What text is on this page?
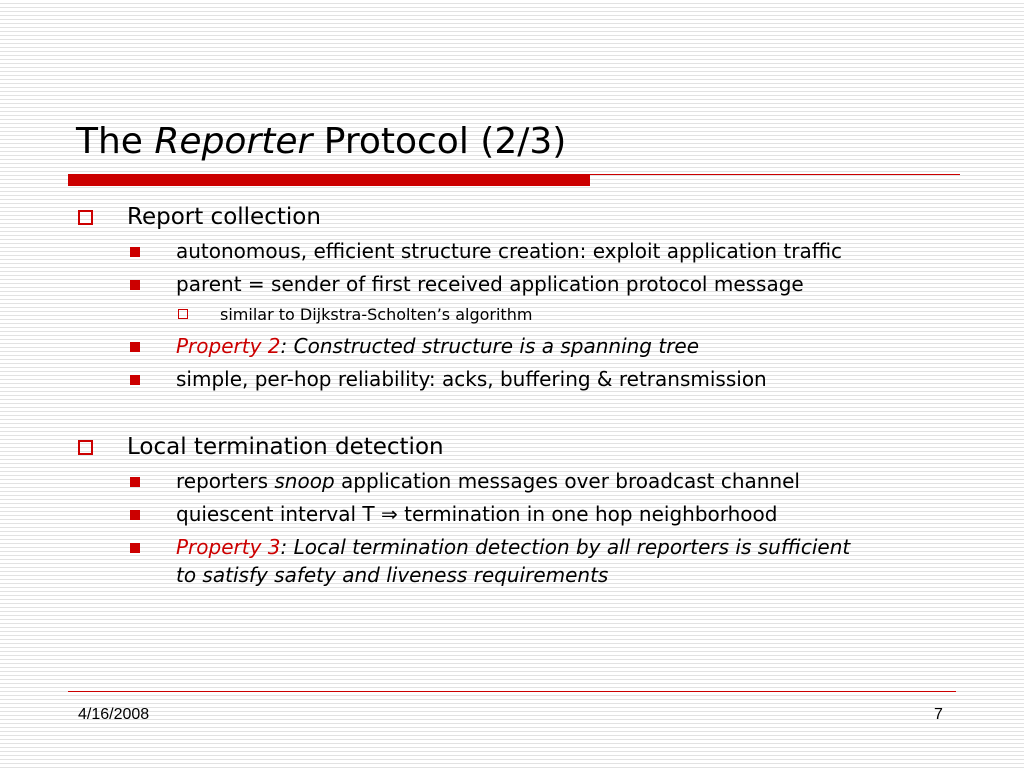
The Reporter Protocol (2/3)
Report collection
autonomous, efficient structure creation: exploit application traffic
parent = sender of first received application protocol message
similar to Dijkstra-Scholten’s algorithm
Property 2: Constructed structure is a spanning tree
simple, per-hop reliability: acks, buffering & retransmission
Local termination detection
reporters snoop application messages over broadcast channel
quiescent interval T ⇒ termination in one hop neighborhood
Property 3: Local termination detection by all reporters is sufficient
to satisfy safety and liveness requirements
4/16/2008	7
